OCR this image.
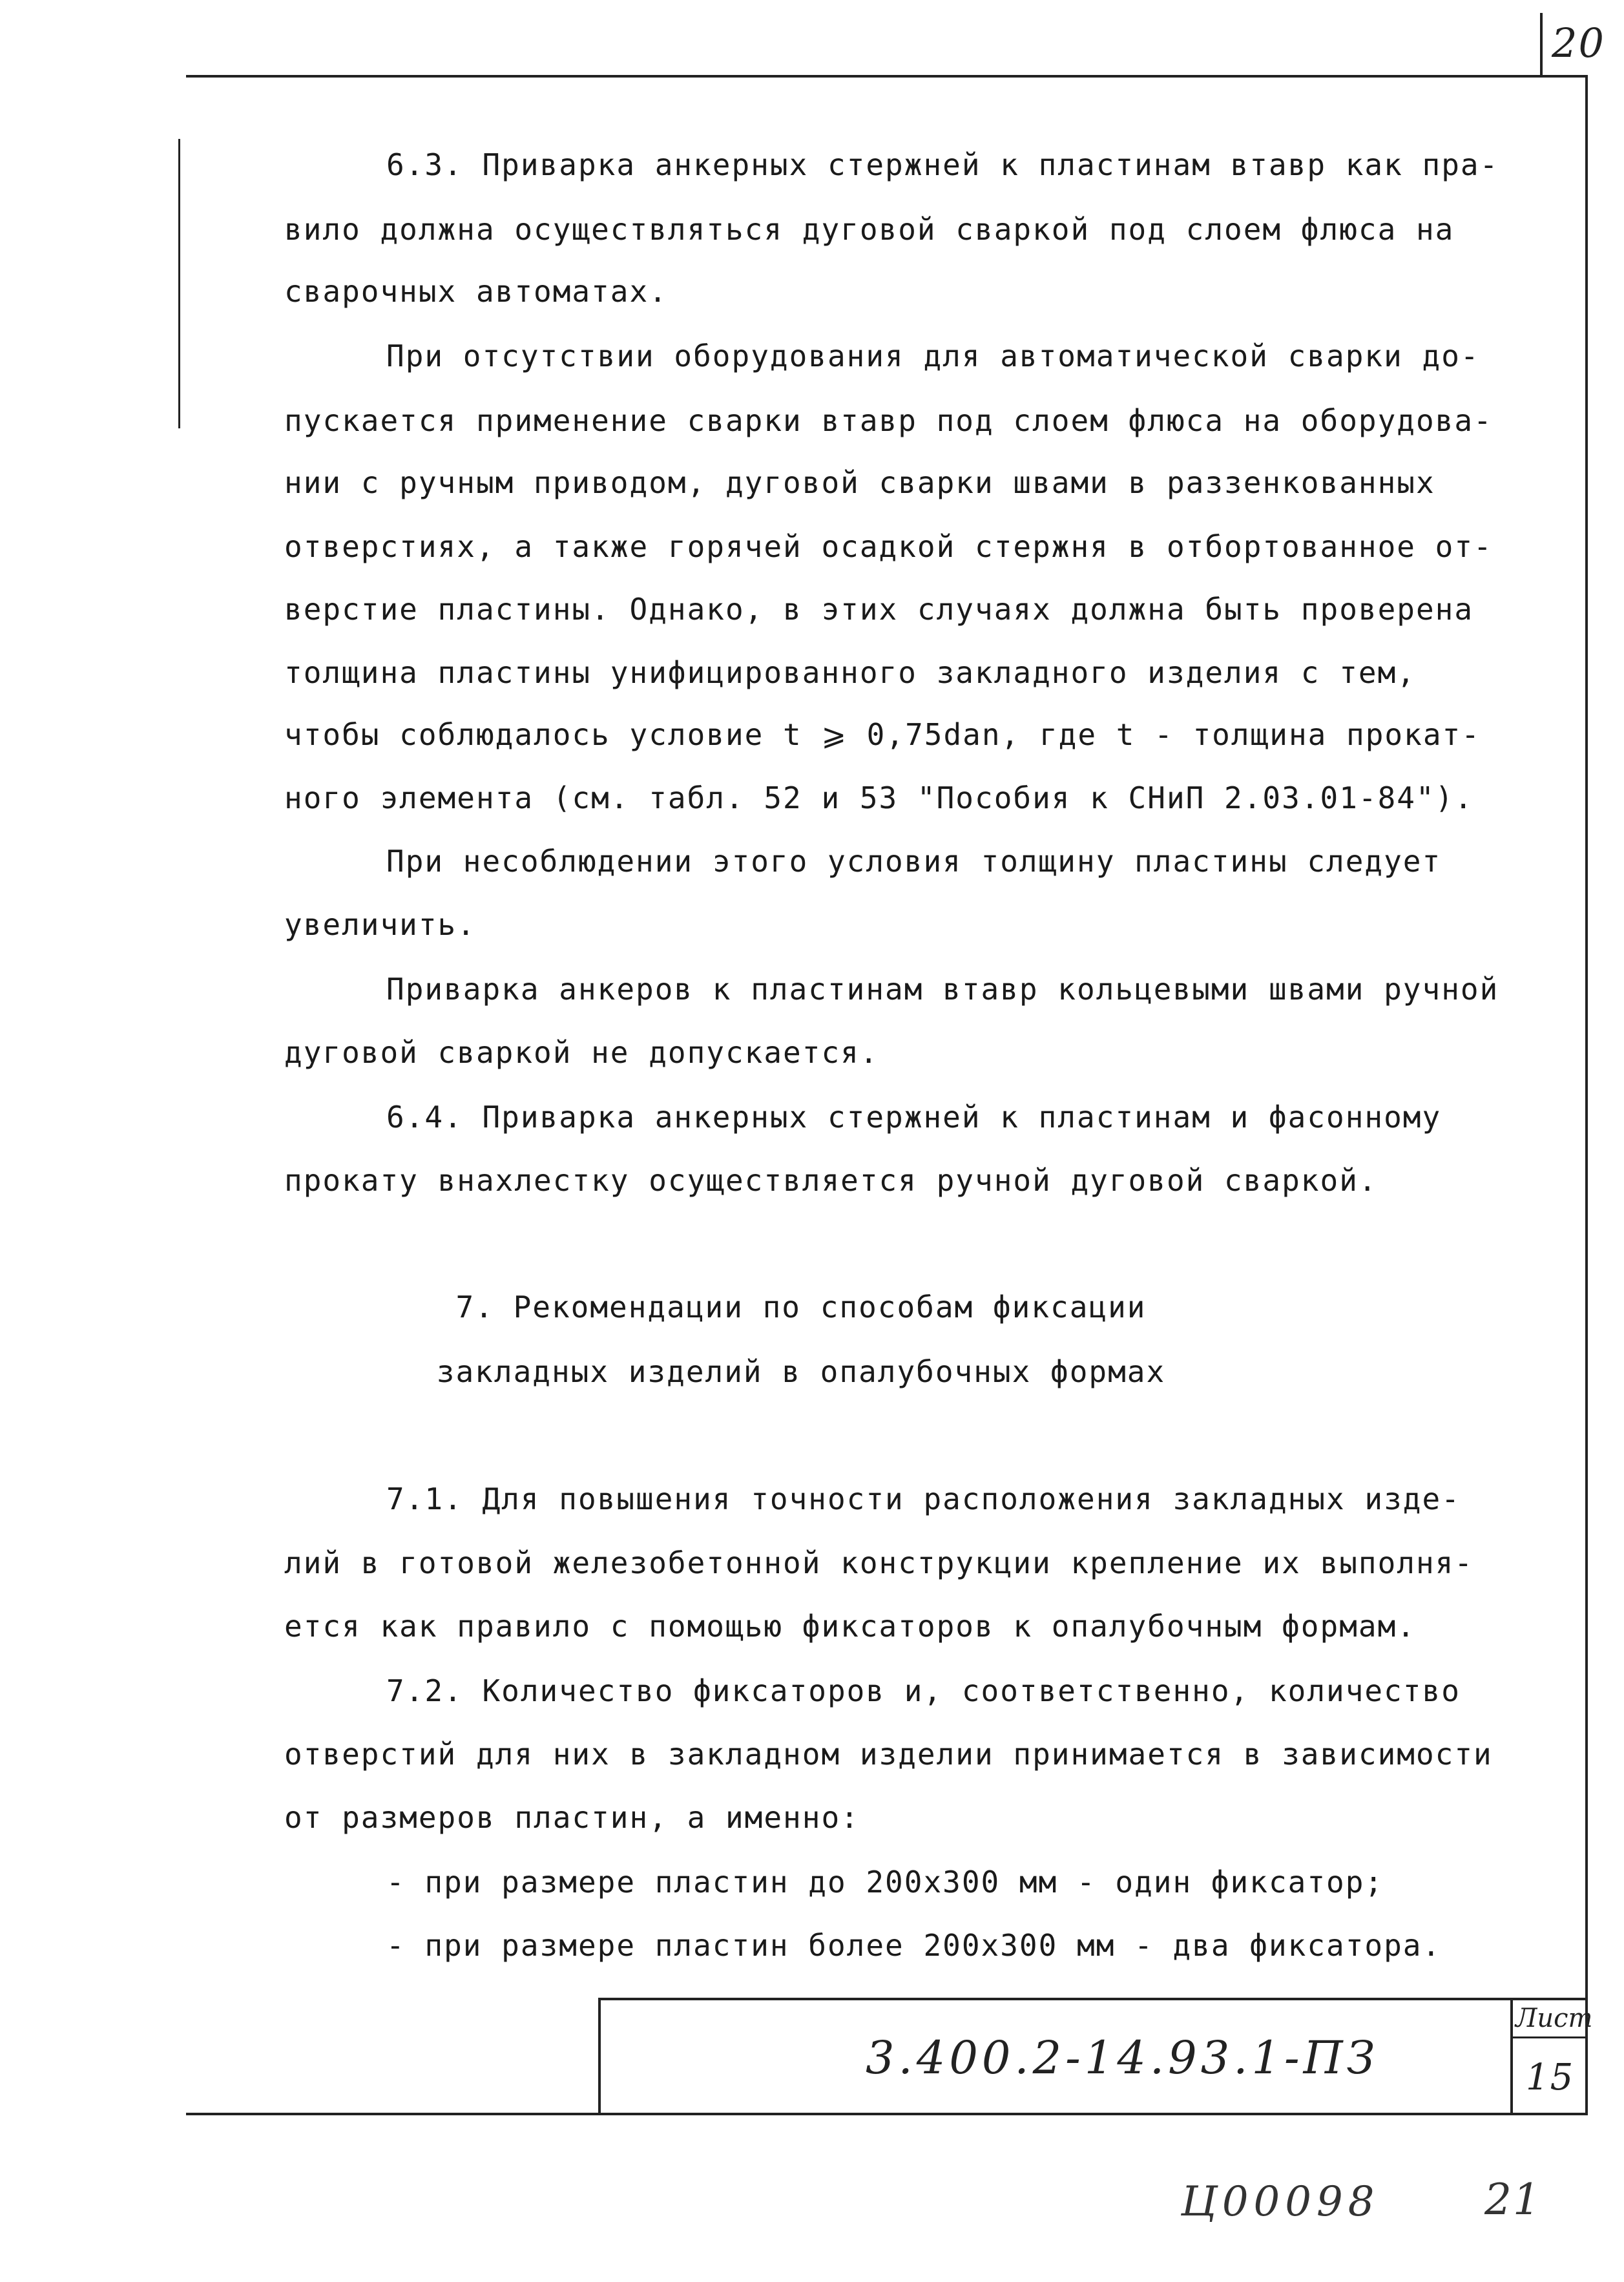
20
6.3. Приварка анкерных стержней к пластинам втавр как пра-
вило должна осуществляться дуговой сваркой под слоем флюса на
сварочных автоматах.
При отсутствии оборудования для автоматической сварки до-
пускается применение сварки втавр под слоем флюса на оборудова-
нии с ручным приводом, дуговой сварки швами в раззенкованных
отверстиях, а также горячей осадкой стержня в отбортованное от-
верстие пластины. Однако, в этих случаях должна быть проверена
толщина пластины унифицированного закладного изделия с тем,
чтобы соблюдалось условие t ⩾ 0,75dan, где t - толщина прокат-
ного элемента (см. табл. 52 и 53 "Пособия к СНиП 2.03.01-84").
При несоблюдении этого условия толщину пластины следует
увеличить.
Приварка анкеров к пластинам втавр кольцевыми швами ручной
дуговой сваркой не допускается.
6.4. Приварка анкерных стержней к пластинам и фасонному
прокату внахлестку осуществляется ручной дуговой сваркой.
7. Рекомендации по способам фиксации
закладных изделий в опалубочных формах
7.1. Для повышения точности расположения закладных изде-
лий в готовой железобетонной конструкции крепление их выполня-
ется как правило с помощью фиксаторов к опалубочным формам.
7.2. Количество фиксаторов и, соответственно, количество
отверстий для них в закладном изделии принимается в зависимости
от размеров пластин, а именно:
- при размере пластин до 200х300 мм - один фиксатор;
- при размере пластин более 200х300 мм - два фиксатора.
3.400.2-14.93.1-ПЗ
Лист
15
Ц00098 21
